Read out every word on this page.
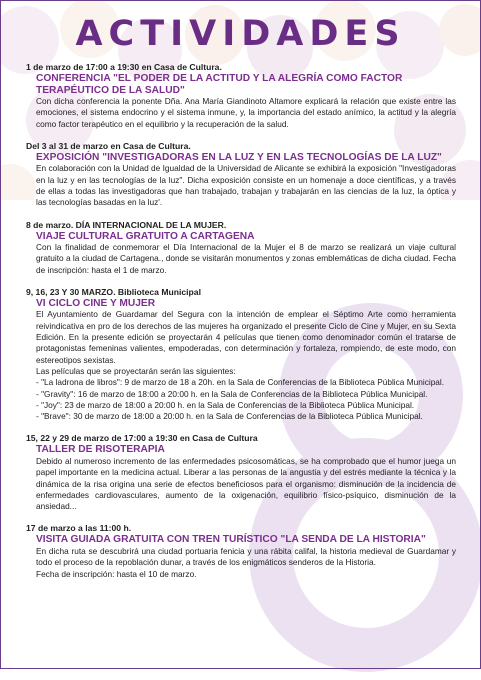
ACTIVIDADES
1 de marzo de 17:00 a 19:30 en Casa de Cultura.
CONFERENCIA "EL PODER DE LA ACTITUD Y LA ALEGRÍA COMO FACTOR TERAPÉUTICO DE LA SALUD"
Con dicha conferencia la ponente Dña. Ana María Giandinoto Altamore explicará la relación que existe entre las emociones, el sistema endocrino y el sistema inmune, y, la importancia del estado anímico, la actitud y la alegría como factor terapéutico en el equilibrio y la recuperación de la salud.
Del 3 al 31 de marzo en Casa de Cultura.
EXPOSICIÓN "INVESTIGADORAS EN LA LUZ Y EN LAS TECNOLOGÍAS DE LA LUZ"
En colaboración con la Unidad de Igualdad de la Universidad de Alicante se exhibirá la exposición "Investigadoras en la luz y en las tecnologías de la luz". Dicha exposición consiste en un homenaje a doce científicas, y a través de ellas a todas las investigadoras que han trabajado, trabajan y trabajarán en las ciencias de la luz, la óptica y las tecnologías basadas en la luz'.
8 de marzo. DÍA INTERNACIONAL DE LA MUJER.
VIAJE CULTURAL GRATUITO A CARTAGENA
Con la finalidad de conmemorar el Día Internacional de la Mujer el 8 de marzo se realizará un viaje cultural gratuito a la ciudad de Cartagena., donde se visitarán monumentos y zonas emblemáticas de dicha ciudad. Fecha de inscripción: hasta el 1 de marzo.
9, 16, 23 Y 30 MARZO. Biblioteca Municipal
VI CICLO CINE Y MUJER
El Ayuntamiento de Guardamar del Segura con la intención de emplear el Séptimo Arte como herramienta reivindicativa en pro de los derechos de las mujeres ha organizado el presente Ciclo de Cine y Mujer, en su Sexta Edición. En la presente edición se proyectarán 4 películas que tienen como denominador común el tratarse de protagonistas femeninas valientes, empoderadas, con determinación y fortaleza, rompiendo, de este modo, con estereotipos sexistas.
Las películas que se proyectarán serán las siguientes:
- "La ladrona de libros": 9 de marzo de 18 a 20h. en la Sala de Conferencias de la Biblioteca Pública Municipal.
- "Gravity": 16 de marzo de 18:00 a 20:00 h. en la Sala de Conferencias de la Biblioteca Pública Municipal.
- "Joy": 23 de marzo de 18:00 a 20:00 h. en la Sala de Conferencias de la Biblioteca Pública Municipal.
- "Brave": 30 de marzo de 18:00 a 20:00 h. en la Sala de Conferencias de la Biblioteca Pública Municipal.
15, 22 y 29 de marzo de 17:00 a 19:30 en Casa de Cultura
TALLER DE RISOTERAPIA
Debido al numeroso incremento de las enfermedades psicosomáticas, se ha comprobado que el humor juega un papel importante en la medicina actual. Liberar a las personas de la angustia y del estrés mediante la técnica y la dinámica de la risa origina una serie de efectos beneficiosos para el organismo: disminución de la incidencia de enfermedades cardiovasculares, aumento de la oxigenación, equilibrio físico-psíquico, disminución de la ansiedad...
17 de marzo a las 11:00 h.
VISITA GUIADA GRATUITA CON TREN TURÍSTICO "LA SENDA DE LA HISTORIA"
En dicha ruta se descubrirá una ciudad portuaria fenicia y una rábita califal, la historia medieval de Guardamar y todo el proceso de la repoblación dunar, a través de los enigmáticos senderos de la Historia.
Fecha de inscripción: hasta el 10 de marzo.
